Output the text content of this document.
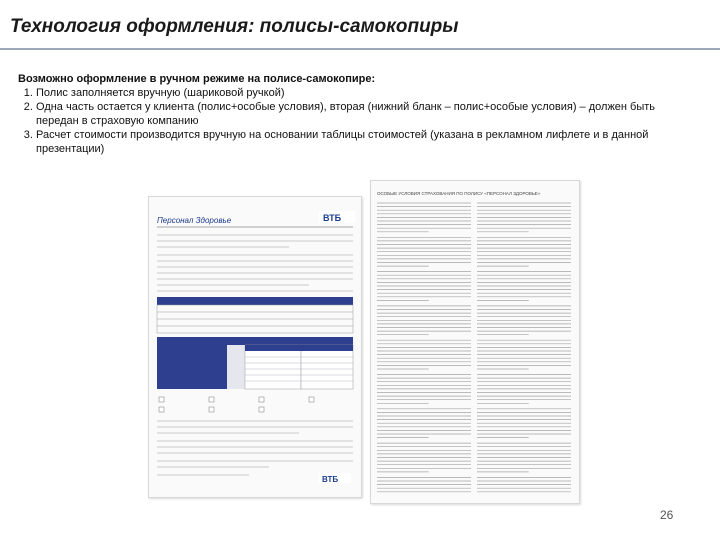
Технология оформления: полисы-самокопиры
Возможно оформление в ручном режиме на полисе-самокопире:
1. Полис заполняется вручную (шариковой ручкой)
2. Одна часть остается у клиента (полис+особые условия), вторая (нижний бланк – полис+особые условия) – должен быть передан в страховую компанию
3. Расчет стоимости производится вручную на основании таблицы стоимостей (указана в рекламном лифлете и в данной презентации)
Персонал Здоровье	ВТБ
ВТБ
ОСОБЫЕ УСЛОВИЯ СТРАХОВАНИЯ ПО ПОЛИСУ «ПЕРСОНАЛ ЗДОРОВЬЕ»
26
